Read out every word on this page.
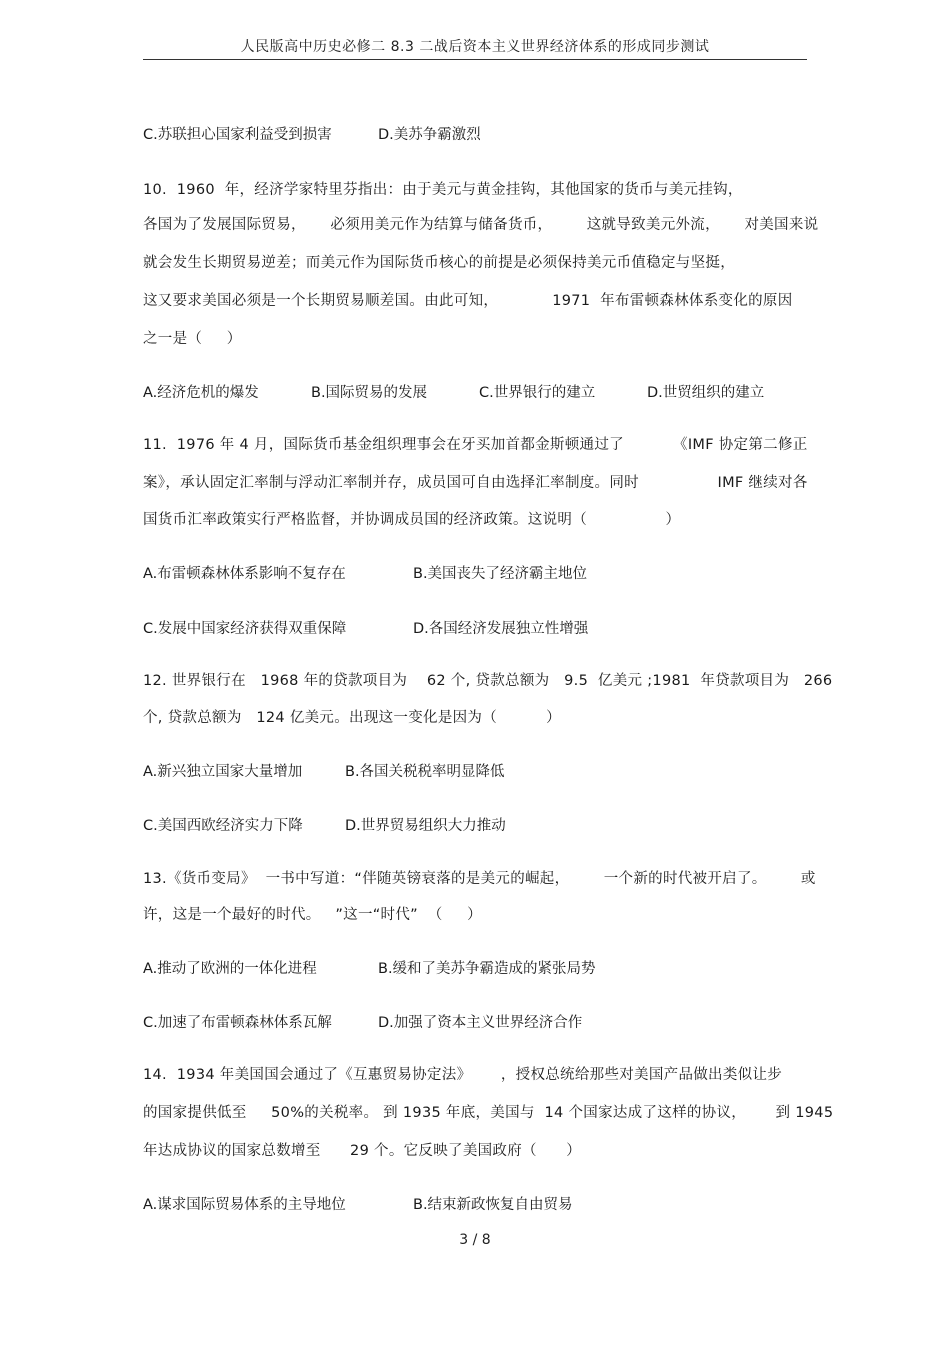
人民版高中历史必修二 8.3 二战后资本主义世界经济体系的形成同步测试
C.苏联担心国家利益受到损害	D.美苏争霸激烈
10.  1960  年，经济学家特里芬指出：由于美元与黄金挂钩，其他国家的货币与美元挂钩，
各国为了发展国际贸易，     必须用美元作为结算与储备货币，       这就导致美元外流，     对美国来说
就会发生长期贸易逆差；而美元作为国际货币核心的前提是必须保持美元币值稳定与坚挺，
这又要求美国必须是一个长期贸易顺差国。由此可知，           1971  年布雷顿森林体系变化的原因
之一是（     ）
A.经济危机的爆发	B.国际贸易的发展	C.世界银行的建立	D.世贸组织的建立
11.  1976 年 4 月，国际货币基金组织理事会在牙买加首都金斯顿通过了          《IMF 协定第二修正
案》，承认固定汇率制与浮动汇率制并存，成员国可自由选择汇率制度。同时                IMF 继续对各
国货币汇率政策实行严格监督，并协调成员国的经济政策。这说明（                ）
A.布雷顿森林体系影响不复存在	B.美国丧失了经济霸主地位
C.发展中国家经济获得双重保障	D.各国经济发展独立性增强
12. 世界银行在   1968 年的贷款项目为    62 个, 贷款总额为   9.5  亿美元 ;1981  年贷款项目为   266
个, 贷款总额为   124 亿美元。出现这一变化是因为（          ）
A.新兴独立国家大量增加	B.各国关税税率明显降低
C.美国西欧经济实力下降	D.世界贸易组织大力推动
13.《货币变局》  一书中写道：“伴随英镑衰落的是美元的崛起，       一个新的时代被开启了。       或
许，这是一个最好的时代。   ”这一“时代”  （     ）
A.推动了欧洲的一体化进程	B.缓和了美苏争霸造成的紧张局势
C.加速了布雷顿森林体系瓦解	D.加强了资本主义世界经济合作
14.  1934 年美国国会通过了《互惠贸易协定法》      ，授权总统给那些对美国产品做出类似让步
的国家提供低至     50%的关税率。 到 1935 年底，美国与  14 个国家达成了这样的协议，      到 1945
年达成协议的国家总数增至      29 个。它反映了美国政府（      ）
A.谋求国际贸易体系的主导地位	B.结束新政恢复自由贸易
3 / 8
